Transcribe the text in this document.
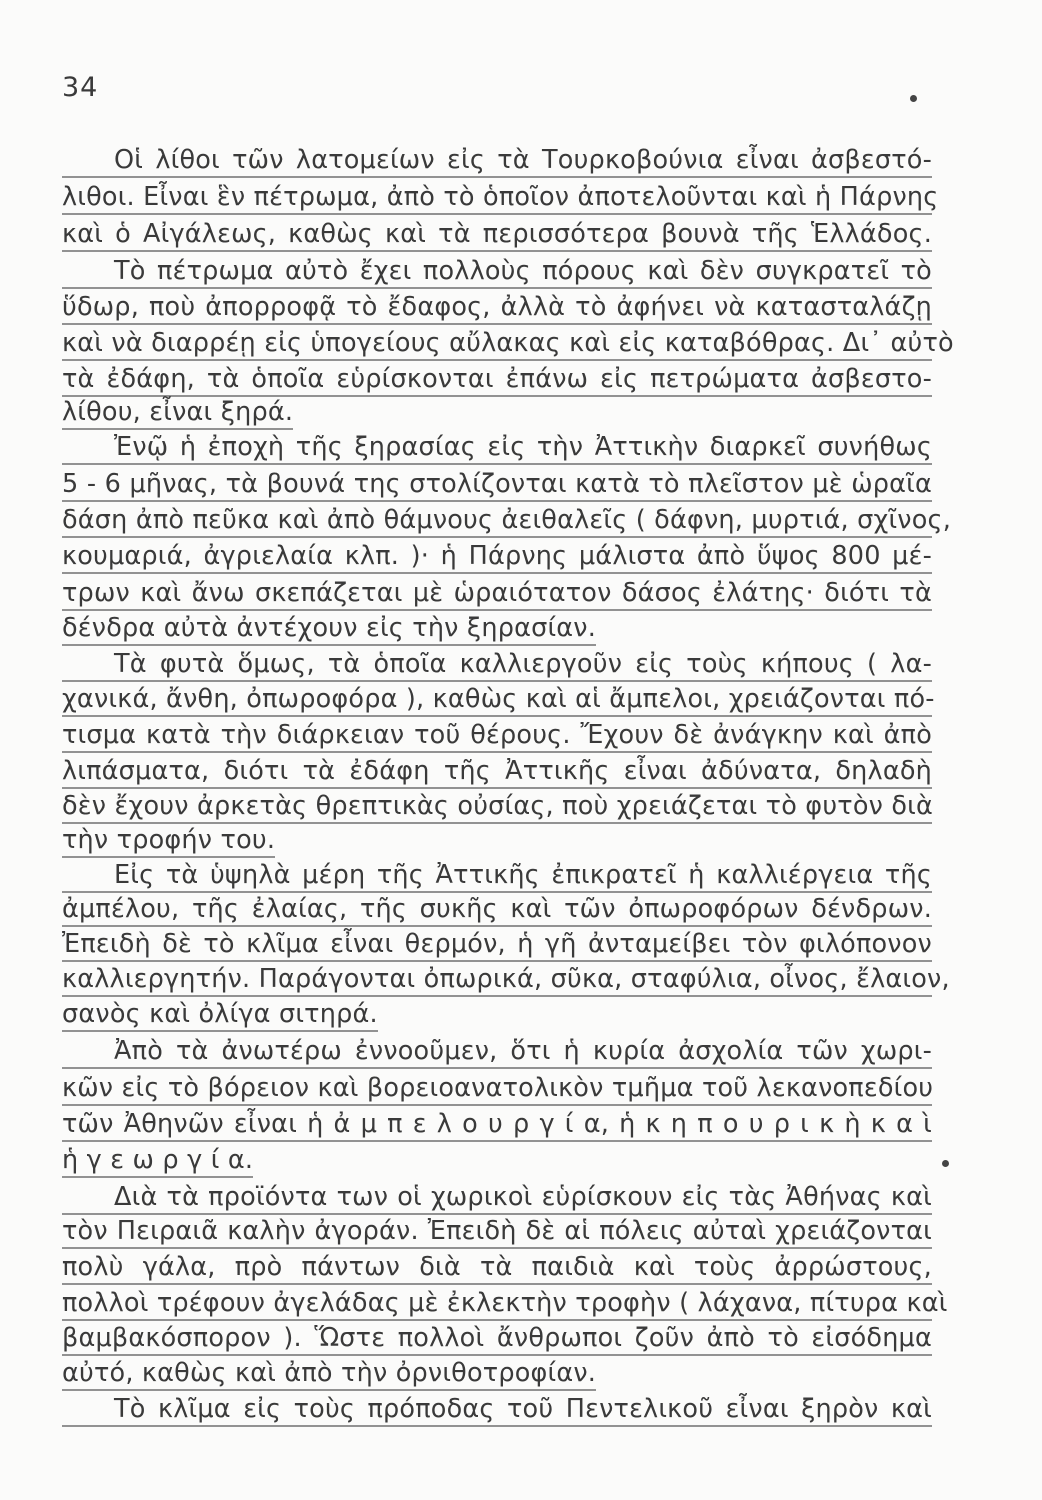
34
Οἱ λίθοι τῶν λατομείων εἰς τὰ Τουρκοβούνια εἶναι ἀσβεστό-
λιθοι. Εἶναι ἓν πέτρωμα, ἀπὸ τὸ ὁποῖον ἀποτελοῦνται καὶ ἡ Πάρνης
καὶ ὁ Αἰγάλεως, καθὼς καὶ τὰ περισσότερα βουνὰ τῆς Ἑλλάδος.
Τὸ πέτρωμα αὐτὸ ἔχει πολλοὺς πόρους καὶ δὲν συγκρατεῖ τὸ
ὕδωρ, ποὺ ἀπορροφᾷ τὸ ἔδαφος, ἀλλὰ τὸ ἀφήνει νὰ κατασταλάζῃ
καὶ νὰ διαρρέῃ εἰς ὑπογείους αὔλακας καὶ εἰς καταβόθρας. Δι᾽ αὐτὸ
τὰ ἐδάφη, τὰ ὁποῖα εὑρίσκονται ἐπάνω εἰς πετρώματα ἀσβεστο-
λίθου, εἶναι ξηρά.
Ἐνῷ ἡ ἐποχὴ τῆς ξηρασίας εἰς τὴν Ἀττικὴν διαρκεῖ συνήθως
5 - 6 μῆνας, τὰ βουνά της στολίζονται κατὰ τὸ πλεῖστον μὲ ὡραῖα
δάση ἀπὸ πεῦκα καὶ ἀπὸ θάμνους ἀειθαλεῖς ( δάφνη, μυρτιά, σχῖνος,
κουμαριά, ἀγριελαία κλπ. )· ἡ Πάρνης μάλιστα ἀπὸ ὕψος 800 μέ-
τρων καὶ ἄνω σκεπάζεται μὲ ὡραιότατον δάσος ἐλάτης· διότι τὰ
δένδρα αὐτὰ ἀντέχουν εἰς τὴν ξηρασίαν.
Τὰ φυτὰ ὅμως, τὰ ὁποῖα καλλιεργοῦν εἰς τοὺς κήπους ( λα-
χανικά, ἄνθη, ὀπωροφόρα ), καθὼς καὶ αἱ ἄμπελοι, χρειάζονται πό-
τισμα κατὰ τὴν διάρκειαν τοῦ θέρους. Ἔχουν δὲ ἀνάγκην καὶ ἀπὸ
λιπάσματα, διότι τὰ ἐδάφη τῆς Ἀττικῆς εἶναι ἀδύνατα, δηλαδὴ
δὲν ἔχουν ἀρκετὰς θρεπτικὰς οὐσίας, ποὺ χρειάζεται τὸ φυτὸν διὰ
τὴν τροφήν του.
Εἰς τὰ ὑψηλὰ μέρη τῆς Ἀττικῆς ἐπικρατεῖ ἡ καλλιέργεια τῆς
ἀμπέλου, τῆς ἐλαίας, τῆς συκῆς καὶ τῶν ὀπωροφόρων δένδρων.
Ἐπειδὴ δὲ τὸ κλῖμα εἶναι θερμόν, ἡ γῆ ἀνταμείβει τὸν φιλόπονον
καλλιεργητήν. Παράγονται ὀπωρικά, σῦκα, σταφύλια, οἶνος, ἔλαιον,
σανὸς καὶ ὀλίγα σιτηρά.
Ἀπὸ τὰ ἀνωτέρω ἐννοοῦμεν, ὅτι ἡ κυρία ἀσχολία τῶν χωρι-
κῶν εἰς τὸ βόρειον καὶ βορειοανατολικὸν τμῆμα τοῦ λεκανοπεδίου
τῶν Ἀθηνῶν εἶναι ἡ ἀ μ π ε λ ο υ ρ γ ί α, ἡ κ η π ο υ ρ ι κ ὴ κ α ὶ
ἡ γ ε ω ρ γ ί α.
Διὰ τὰ προϊόντα των οἱ χωρικοὶ εὑρίσκουν εἰς τὰς Ἀθήνας καὶ
τὸν Πειραιᾶ καλὴν ἀγοράν. Ἐπειδὴ δὲ αἱ πόλεις αὐταὶ χρειάζονται
πολὺ γάλα, πρὸ πάντων διὰ τὰ παιδιὰ καὶ τοὺς ἀρρώστους,
πολλοὶ τρέφουν ἀγελάδας μὲ ἐκλεκτὴν τροφὴν ( λάχανα, πίτυρα καὶ
βαμβακόσπορον ). Ὥστε πολλοὶ ἄνθρωποι ζοῦν ἀπὸ τὸ εἰσόδημα
αὐτό, καθὼς καὶ ἀπὸ τὴν ὀρνιθοτροφίαν.
Τὸ κλῖμα εἰς τοὺς πρόποδας τοῦ Πεντελικοῦ εἶναι ξηρὸν καὶ
